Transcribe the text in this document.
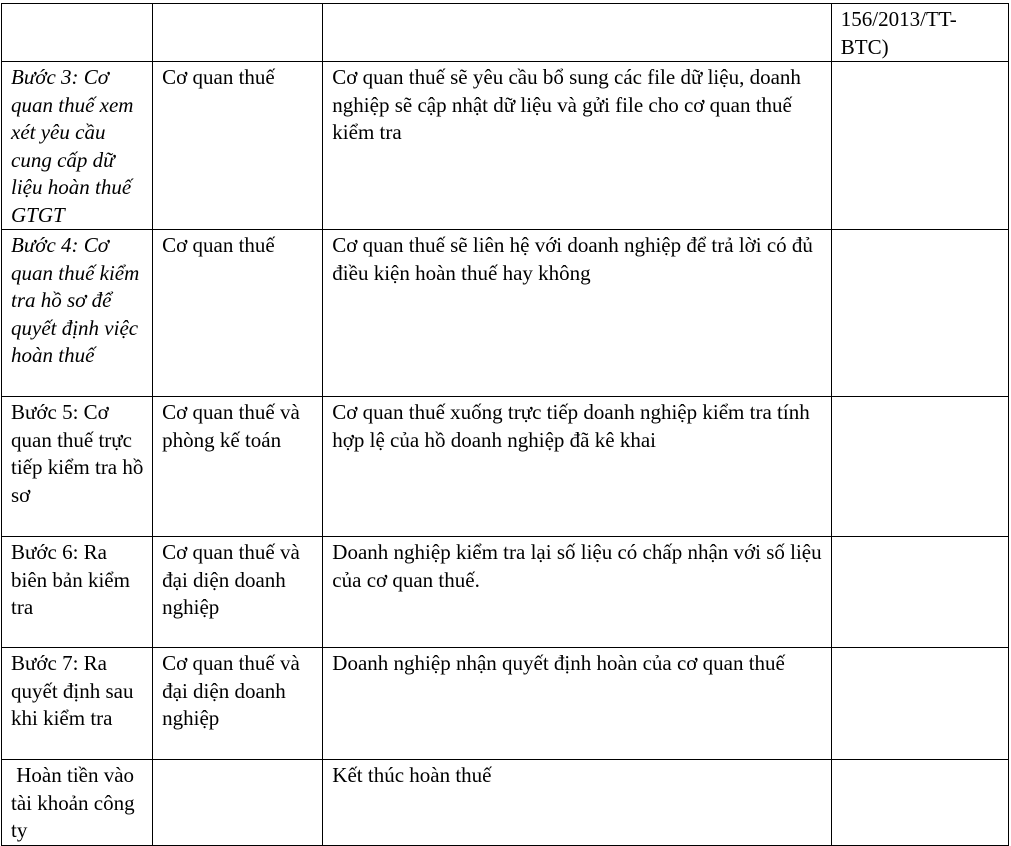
			156/2013/TT-BTC)
Bước 3: Cơ quan thuế xem xét yêu cầu cung cấp dữ liệu hoàn thuế GTGT	Cơ quan thuế	Cơ quan thuế sẽ yêu cầu bổ sung các file dữ liệu, doanh nghiệp sẽ cập nhật dữ liệu và gửi file cho cơ quan thuế kiểm tra	
Bước 4: Cơ quan thuế kiểm tra hồ sơ để quyết định việc hoàn thuế	Cơ quan thuế	Cơ quan thuế sẽ liên hệ với doanh nghiệp để trả lời có đủ điều kiện hoàn thuế hay không	
Bước 5: Cơ quan thuế trực tiếp kiểm tra hồ sơ	Cơ quan thuế và phòng kế toán	Cơ quan thuế xuống trực tiếp doanh nghiệp kiểm tra tính hợp lệ của hồ doanh nghiệp đã kê khai	
Bước 6: Ra biên bản kiểm tra	Cơ quan thuế và đại diện doanh nghiệp	Doanh nghiệp kiểm tra lại số liệu có chấp nhận với số liệu của cơ quan thuế.	
Bước 7: Ra quyết định sau khi kiểm tra	Cơ quan thuế và đại diện doanh nghiệp	Doanh nghiệp nhận quyết định hoàn của cơ quan thuế	
Hoàn tiền vào tài khoản công ty		Kết thúc hoàn thuế	
